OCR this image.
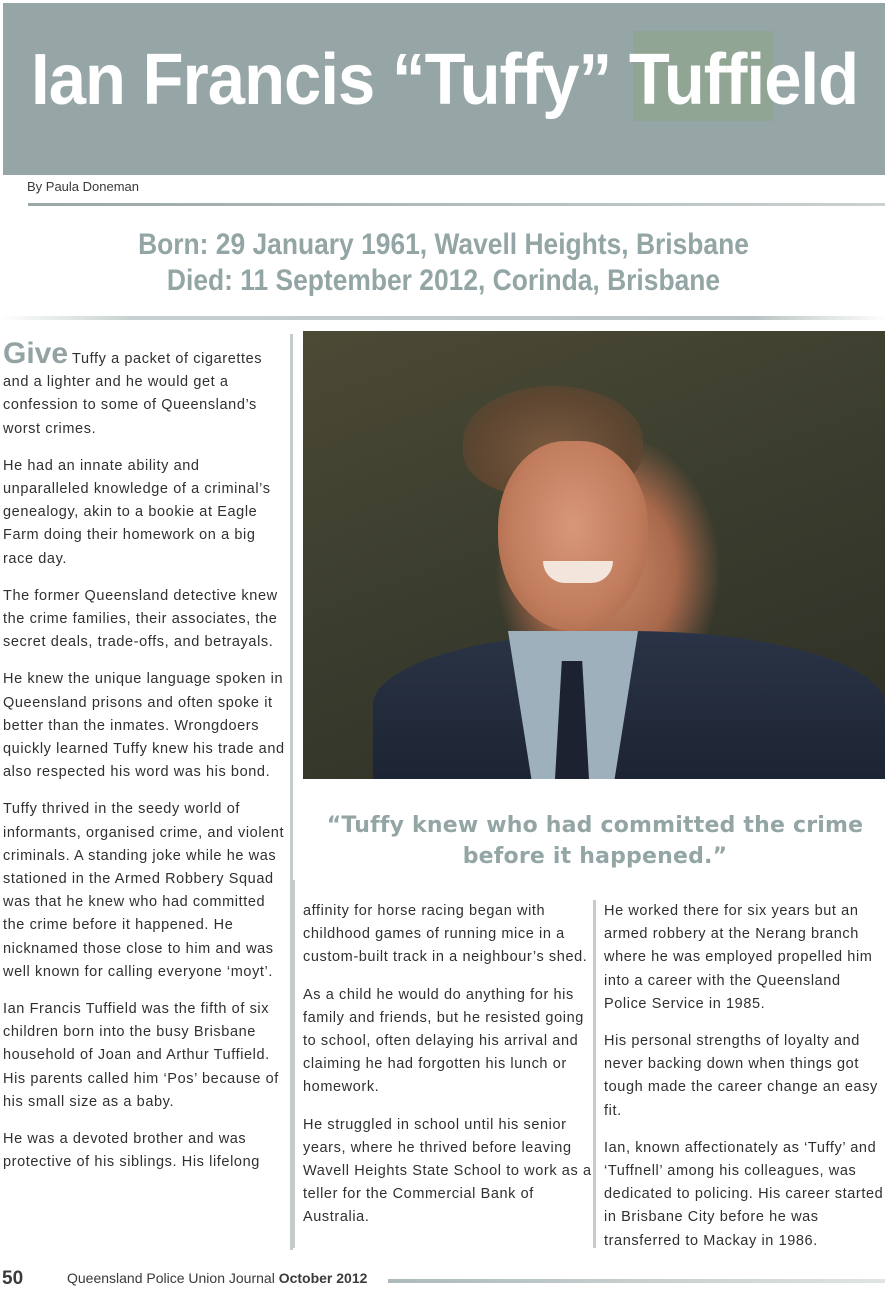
Ian Francis “Tuffy” Tuffield
By Paula Doneman
Born: 29 January 1961, Wavell Heights, Brisbane
Died: 11 September 2012, Corinda, Brisbane

Give Tuffy a packet of cigarettes and a lighter and he would get a confession to some of Queensland’s worst crimes.

He had an innate ability and unparalleled knowledge of a criminal’s genealogy, akin to a bookie at Eagle Farm doing their homework on a big race day.

The former Queensland detective knew the crime families, their associates, the secret deals, trade-offs, and betrayals.

He knew the unique language spoken in Queensland prisons and often spoke it better than the inmates. Wrongdoers quickly learned Tuffy knew his trade and also respected his word was his bond.

Tuffy thrived in the seedy world of informants, organised crime, and violent criminals. A standing joke while he was stationed in the Armed Robbery Squad was that he knew who had committed the crime before it happened. He nicknamed those close to him and was well known for calling everyone ‘moyt’.

Ian Francis Tuffield was the fifth of six children born into the busy Brisbane household of Joan and Arthur Tuffield. His parents called him ‘Pos’ because of his small size as a baby.

He was a devoted brother and was protective of his siblings. His lifelong

“Tuffy knew who had committed the crime before it happened.”

affinity for horse racing began with childhood games of running mice in a custom-built track in a neighbour’s shed.

As a child he would do anything for his family and friends, but he resisted going to school, often delaying his arrival and claiming he had forgotten his lunch or homework.

He struggled in school until his senior years, where he thrived before leaving Wavell Heights State School to work as a teller for the Commercial Bank of Australia.

He worked there for six years but an armed robbery at the Nerang branch where he was employed propelled him into a career with the Queensland Police Service in 1985.

His personal strengths of loyalty and never backing down when things got tough made the career change an easy fit.

Ian, known affectionately as ‘Tuffy’ and ‘Tuffnell’ among his colleagues, was dedicated to policing. His career started in Brisbane City before he was transferred to Mackay in 1986.

50	Queensland Police Union Journal October 2012
